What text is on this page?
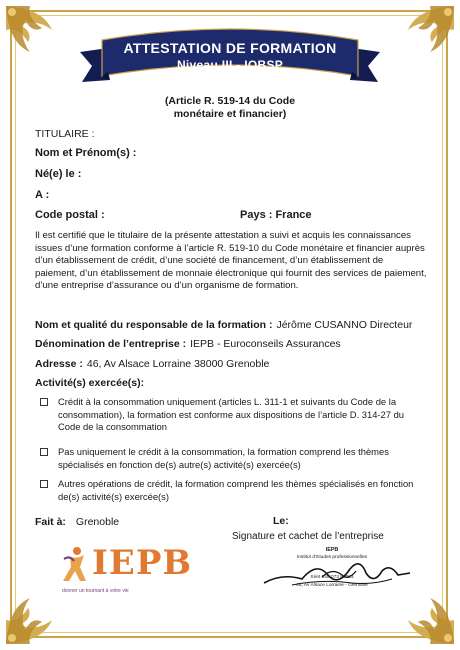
ATTESTATION DE FORMATION
Niveau III - IOBSP
(Article R. 519-14 du Code
monétaire et financier)
TITULAIRE :
Nom et Prénom(s) :
Né(e) le :
A :
Code postal :	Pays : France
Il est certifié que le titulaire de la présente attestation a suivi et acquis les connaissances issues d’une formation conforme à l’article R. 519-10 du Code monétaire et financier auprès d’un établissement de crédit, d’une société de financement, d’un établissement de paiement, d’un établissement de monnaie électronique qui fournit des services de paiement, d’une entreprise d’assurance ou d’un organisme de formation.
Nom et qualité du responsable de la formation : Jérôme CUSANNO Directeur
Dénomination de l’entreprise : IEPB - Euroconseils Assurances
Adresse : 46, Av Alsace Lorraine 38000 Grenoble
Activité(s) exercée(s):
Crédit à la consommation uniquement (articles L. 311-1 et suivants du Code de la consommation), la formation est conforme aux dispositions de l’article D. 314-27 du Code de la consommation
Pas uniquement le crédit à la consommation, la formation comprend les thèmes spécialisés en fonction de(s) autre(s) activité(s) exercée(s)
Autres opérations de crédit, la formation comprend les thèmes spécialisés en fonction de(s) activité(s) exercée(s)
Fait à: Grenoble	Le:
Signature et cachet de l’entreprise
IEPB
donner un tournant à votre vie
IEPB
Institut d’Etudes professionnelles
Siret 845 073 50023
46, Av Alsace Lorraine - Grenoble
